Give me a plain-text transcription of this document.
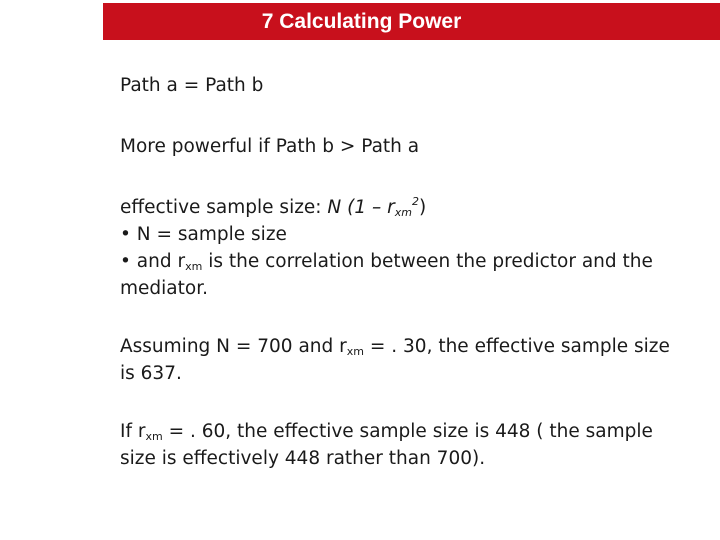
7 Calculating Power

Path a = Path b

More powerful if Path b > Path a

effective sample size: N $(1 - r_{xm}^2)$

• N = sample size

• and $r_{xm}$ is the correlation between the predictor and the mediator.

Assuming N = 700 and $r_{xm}$ = . 30, the effective sample size is 637.

If $r_{xm}$ = . 60, the effective sample size is 448 ( the sample size is effectively 448 rather than 700).
